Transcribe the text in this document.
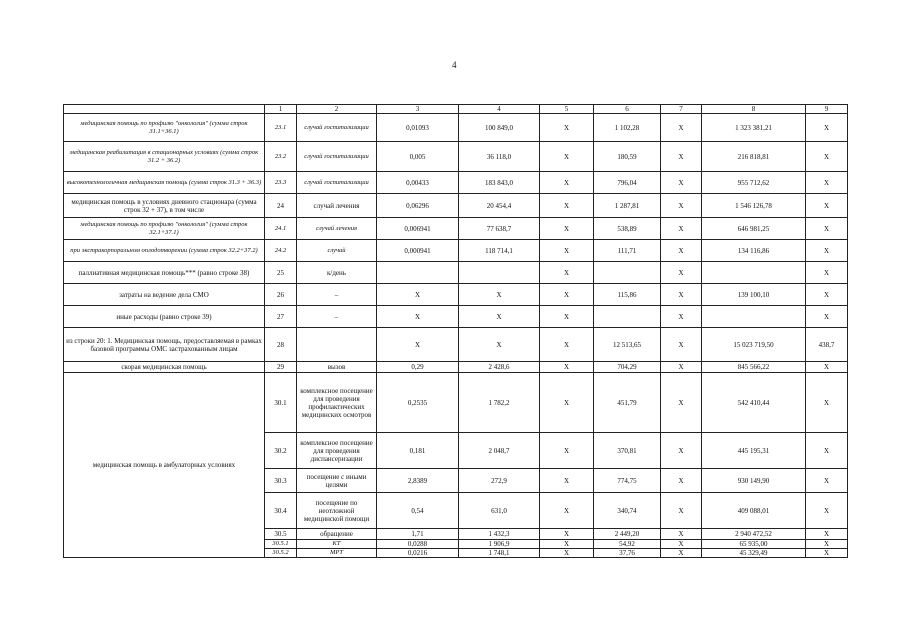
4
	1	2	3	4	5	6	7	8	9
медицинская помощь по профилю "онкология" (сумма строк 31.1+36.1)	23.1	случай госпитализации	0,01093	100 849,0	Х	1 102,28	Х	1 323 381,21	Х
медицинская реабилитация в стационарных условиях (сумма строк 31.2 + 36.2)	23.2	случай госпитализации	0,005	36 118,0	Х	180,59	Х	216 818,81	Х
высокотехнологичная медицинская помощь (сумма строк 31.3 + 36.3)	23.3	случай госпитализации	0,00433	183 843,0	Х	796,04	Х	955 712,62	Х
медицинская помощь в условиях дневного стационара (сумма строк 32 + 37), в том числе	24	случай лечения	0,06296	20 454,4	Х	1 287,81	Х	1 546 126,78	Х
медицинская помощь по профилю "онкология" (сумма строк 32.1+37.1)	24.1	случай лечения	0,006941	77 638,7	Х	538,89	Х	646 981,25	Х
при экстракорпоральном оплодотворении (сумма строк 32.2+37.2)	24.2	случай	0,000941	118 714,1	Х	111,71	Х	134 116,86	Х
паллиативная медицинская помощь*** (равно строке 38)	25	к/день			Х		Х		Х
затраты на ведение дела СМО	26	–	Х	Х	Х	115,86	Х	139 100,10	Х
иные расходы (равно строке 39)	27	–	Х	Х	Х		Х		Х
из строки 20: 1. Медицинская помощь, предоставляемая в рамках базовой программы ОМС застрахованным лицам	28		Х	Х	Х	12 513,65	Х	15 023 719,50	438,7
скорая медицинская помощь	29	вызов	0,29	2 428,6	Х	704,29	Х	845 566,22	Х
медицинская помощь в амбулаторных условиях	30.1	комплексное посещение для проведения профилактических медицинских осмотров	0,2535	1 782,2	Х	451,79	Х	542 410,44	Х
	30.2	комплексное посещение для проведения диспансеризации	0,181	2 048,7	Х	370,81	Х	445 195,31	Х
	30.3	посещение с иными целями	2,8389	272,9	Х	774,75	Х	930 149,90	Х
	30.4	посещение по неотложной медицинской помощи	0,54	631,0	Х	340,74	Х	409 088,01	Х
	30.5	обращение	1,71	1 432,3	Х	2 449,20	Х	2 940 472,52	Х
	30.5.1	КТ	0,0288	1 906,9	Х	54,92	Х	65 935,00	Х
	30.5.2	МРТ	0,0216	1 748,1	Х	37,76	Х	45 329,49	Х
